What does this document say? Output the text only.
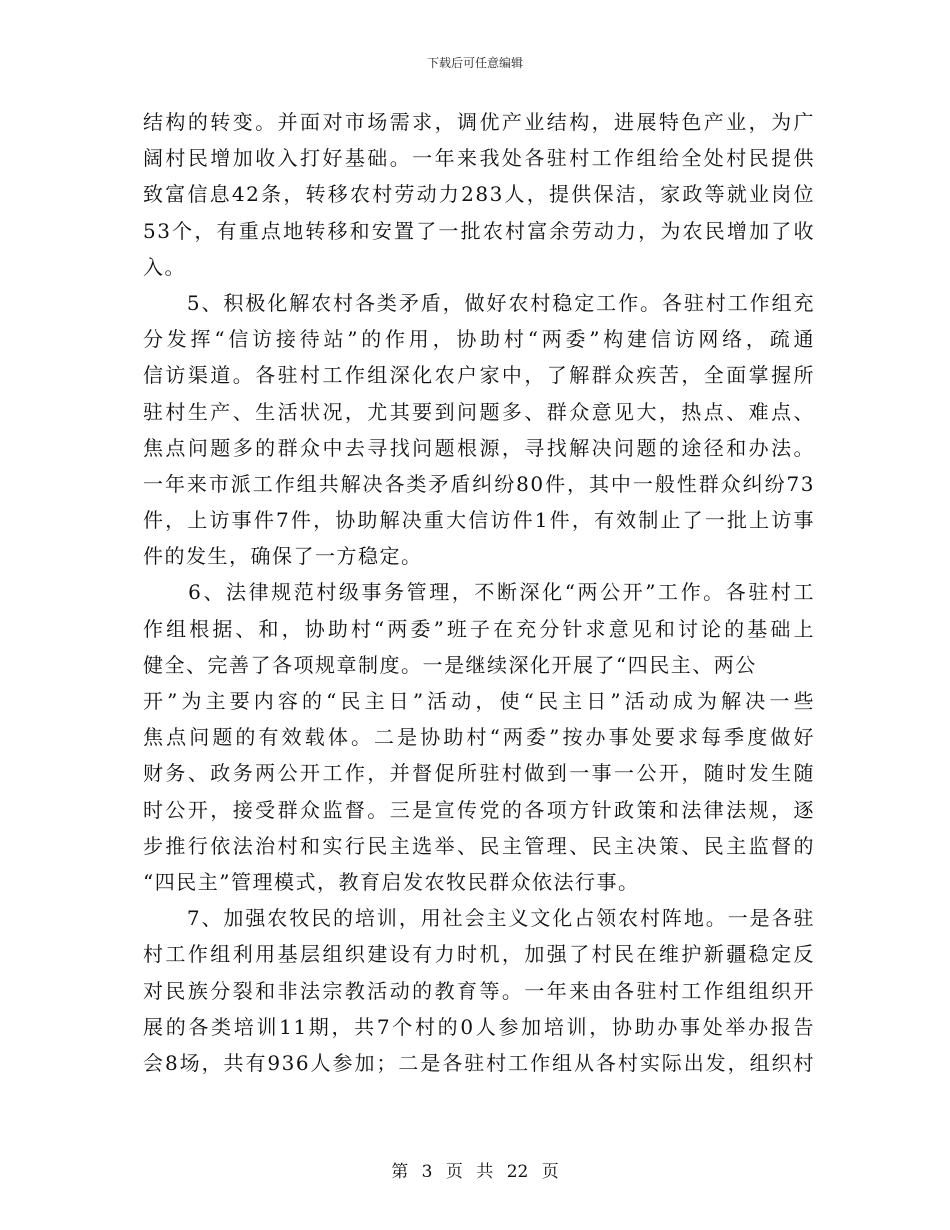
下载后可任意编辑
结构的转变。并面对市场需求，调优产业结构，进展特色产业，为广
阔村民增加收入打好基础。一年来我处各驻村工作组给全处村民提供
致富信息42条，转移农村劳动力283人，提供保洁，家政等就业岗位
53个，有重点地转移和安置了一批农村富余劳动力，为农民增加了收
入。
　　5、积极化解农村各类矛盾，做好农村稳定工作。各驻村工作组充
分发挥“信访接待站”的作用，协助村“两委”构建信访网络，疏通
信访渠道。各驻村工作组深化农户家中，了解群众疾苦，全面掌握所
驻村生产、生活状况，尤其要到问题多、群众意见大，热点、难点、
焦点问题多的群众中去寻找问题根源，寻找解决问题的途径和办法。
一年来市派工作组共解决各类矛盾纠纷80件，其中一般性群众纠纷73
件，上访事件7件，协助解决重大信访件1件，有效制止了一批上访事
件的发生，确保了一方稳定。
　　6、法律规范村级事务管理，不断深化“两公开”工作。各驻村工
作组根据、和，协助村“两委”班子在充分针求意见和讨论的基础上
健全、完善了各项规章制度。一是继续深化开展了“四民主、两公
开”为主要内容的“民主日”活动，使“民主日”活动成为解决一些
焦点问题的有效载体。二是协助村“两委”按办事处要求每季度做好
财务、政务两公开工作，并督促所驻村做到一事一公开，随时发生随
时公开，接受群众监督。三是宣传党的各项方针政策和法律法规，逐
步推行依法治村和实行民主选举、民主管理、民主决策、民主监督的
“四民主”管理模式，教育启发农牧民群众依法行事。
　　7、加强农牧民的培训，用社会主义文化占领农村阵地。一是各驻
村工作组利用基层组织建设有力时机，加强了村民在维护新疆稳定反
对民族分裂和非法宗教活动的教育等。一年来由各驻村工作组组织开
展的各类培训11期，共7个村的0人参加培训，协助办事处举办报告
会8场，共有936人参加；二是各驻村工作组从各村实际出发，组织村
第 3 页 共 22 页
